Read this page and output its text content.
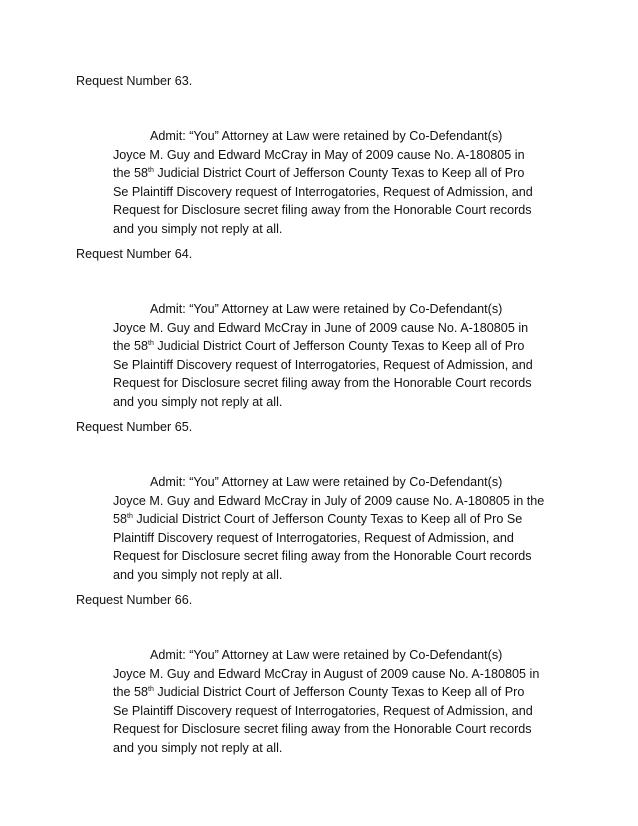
Request Number 63.
Admit: “You” Attorney at Law were retained by Co-Defendant(s)
Joyce M. Guy and Edward McCray in May of 2009 cause No. A-180805 in
the 58th Judicial District Court of Jefferson County Texas to Keep all of Pro
Se Plaintiff Discovery request of Interrogatories, Request of Admission, and
Request for Disclosure secret filing away from the Honorable Court records
and you simply not reply at all.
Request Number 64.
Admit: “You” Attorney at Law were retained by Co-Defendant(s)
Joyce M. Guy and Edward McCray in June of 2009 cause No. A-180805 in
the 58th Judicial District Court of Jefferson County Texas to Keep all of Pro
Se Plaintiff Discovery request of Interrogatories, Request of Admission, and
Request for Disclosure secret filing away from the Honorable Court records
and you simply not reply at all.
Request Number 65.
Admit: “You” Attorney at Law were retained by Co-Defendant(s)
Joyce M. Guy and Edward McCray in July of 2009 cause No. A-180805 in the
58th Judicial District Court of Jefferson County Texas to Keep all of Pro Se
Plaintiff Discovery request of Interrogatories, Request of Admission, and
Request for Disclosure secret filing away from the Honorable Court records
and you simply not reply at all.
Request Number 66.
Admit: “You” Attorney at Law were retained by Co-Defendant(s)
Joyce M. Guy and Edward McCray in August of 2009 cause No. A-180805 in
the 58th Judicial District Court of Jefferson County Texas to Keep all of Pro
Se Plaintiff Discovery request of Interrogatories, Request of Admission, and
Request for Disclosure secret filing away from the Honorable Court records
and you simply not reply at all.
